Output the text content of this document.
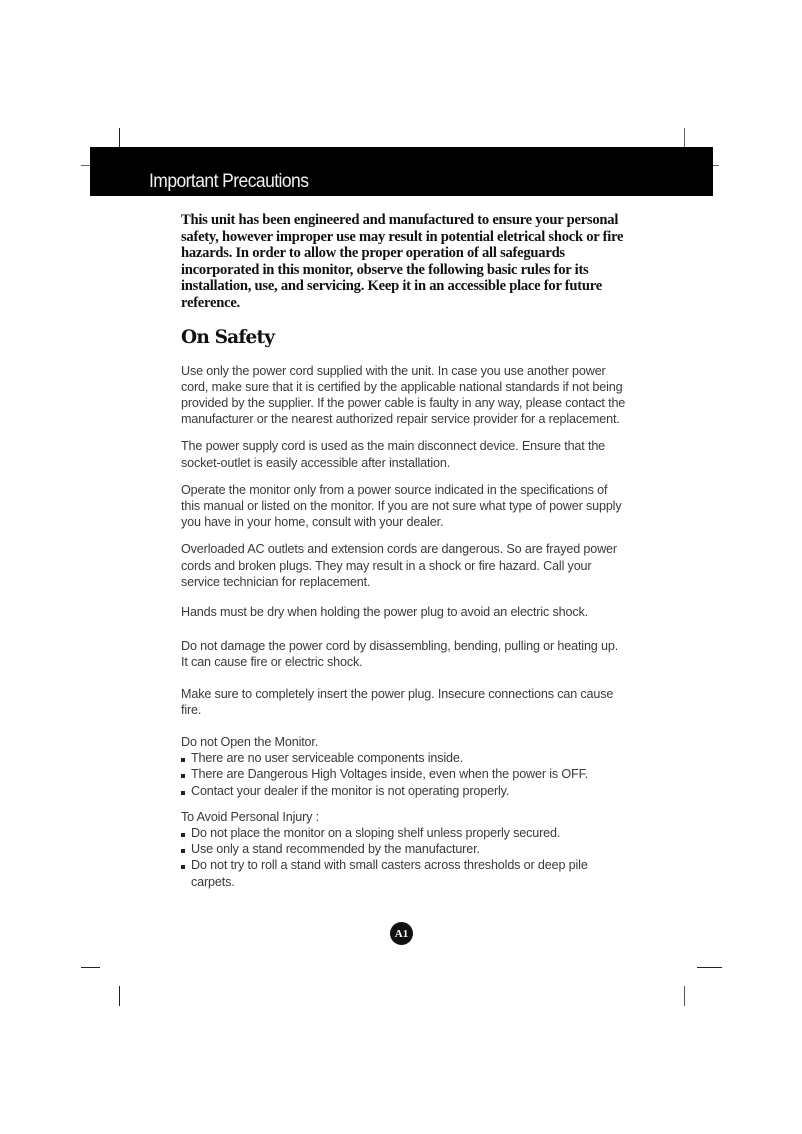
Important Precautions

This unit has been engineered and manufactured to ensure your personal safety, however improper use may result in potential eletrical shock or fire hazards. In order to allow the proper operation of all safeguards incorporated in this monitor, observe the following basic rules for its installation, use, and servicing. Keep it in an accessible place for future reference.

On Safety

Use only the power cord supplied with the unit. In case you use another power cord, make sure that it is certified by the applicable national standards if not being provided by the supplier. If the power cable is faulty in any way, please contact the manufacturer or the nearest authorized repair service provider for a replacement.

The power supply cord is used as the main disconnect device. Ensure that the socket-outlet is easily accessible after installation.

Operate the monitor only from a power source indicated in the specifications of this manual or listed on the monitor. If you are not sure what type of power supply you have in your home, consult with your dealer.

Overloaded AC outlets and extension cords are dangerous. So are frayed power cords and broken plugs. They may result in a shock or fire hazard. Call your service technician for replacement.

Hands must be dry when holding the power plug to avoid an electric shock.

Do not damage the power cord by disassembling, bending, pulling or heating up. It can cause fire or electric shock.

Make sure to completely insert the power plug. Insecure connections can cause fire.

Do not Open the Monitor.

There are no user serviceable components inside.
There are Dangerous High Voltages inside, even when the power is OFF.
Contact your dealer if the monitor is not operating properly.

To Avoid Personal Injury :

Do not place the monitor on a sloping shelf unless properly secured.
Use only a stand recommended by the manufacturer.
Do not try to roll a stand with small casters across thresholds or deep pile carpets.
A1
